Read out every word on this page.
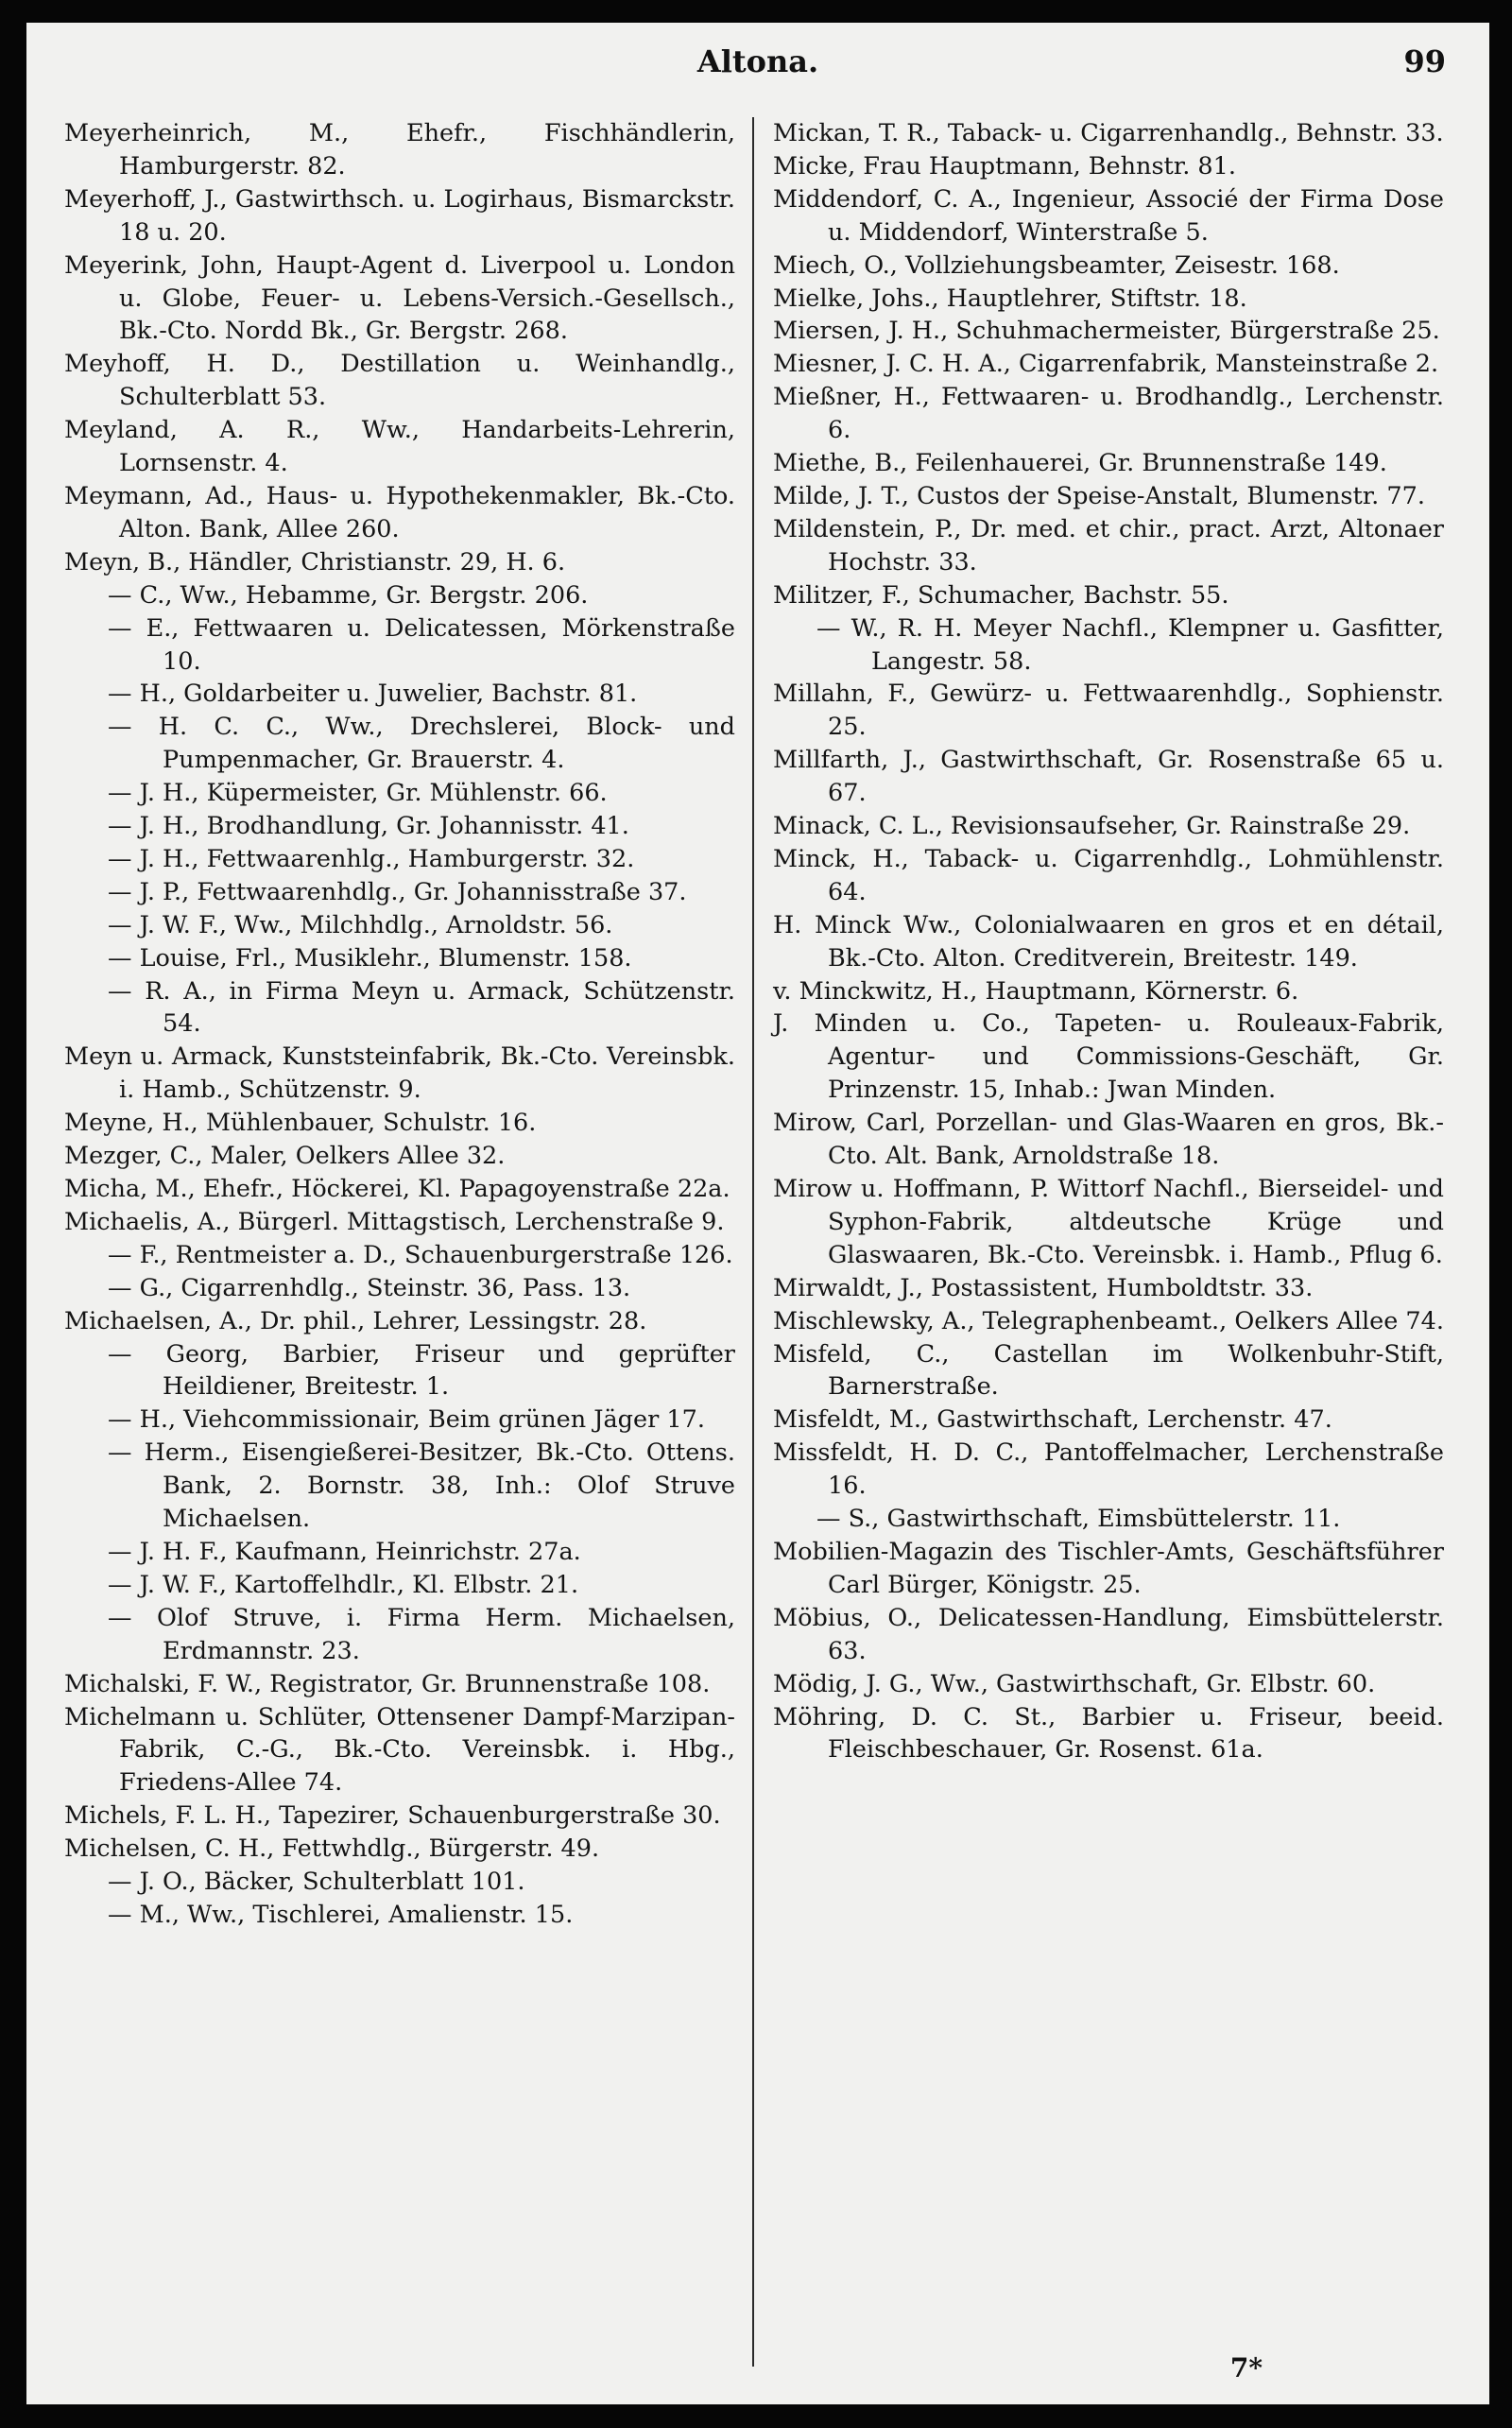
Altona.	99

Meyerheinrich, M., Ehefr., Fischhändlerin, Hamburgerstr. 82.

Meyerhoff, J., Gastwirthsch. u. Logirhaus, Bismarckstr. 18 u. 20.

Meyerink, John, Haupt-Agent d. Liverpool u. London u. Globe, Feuer- u. Lebens-Versich.-Gesellsch., Bk.-Cto. Nordd Bk., Gr. Bergstr. 268.

Meyhoff, H. D., Destillation u. Weinhandlg., Schulterblatt 53.

Meyland, A. R., Ww., Handarbeits-Lehrerin, Lornsenstr. 4.

Meymann, Ad., Haus- u. Hypothekenmakler, Bk.-Cto. Alton. Bank, Allee 260.

Meyn, B., Händler, Christianstr. 29, H. 6.

— C., Ww., Hebamme, Gr. Bergstr. 206.

— E., Fettwaaren u. Delicatessen, Mörkenstraße 10.

— H., Goldarbeiter u. Juwelier, Bachstr. 81.

— H. C. C., Ww., Drechslerei, Block- und Pumpenmacher, Gr. Brauerstr. 4.

— J. H., Küpermeister, Gr. Mühlenstr. 66.

— J. H., Brodhandlung, Gr. Johannisstr. 41.

— J. H., Fettwaarenhlg., Hamburgerstr. 32.

— J. P., Fettwaarenhdlg., Gr. Johannisstraße 37.

— J. W. F., Ww., Milchhdlg., Arnoldstr. 56.

— Louise, Frl., Musiklehr., Blumenstr. 158.

— R. A., in Firma Meyn u. Armack, Schützenstr. 54.

Meyn u. Armack, Kunststeinfabrik, Bk.-Cto. Vereinsbk. i. Hamb., Schützenstr. 9.

Meyne, H., Mühlenbauer, Schulstr. 16.

Mezger, C., Maler, Oelkers Allee 32.

Micha, M., Ehefr., Höckerei, Kl. Papagoyenstraße 22a.

Michaelis, A., Bürgerl. Mittagstisch, Lerchenstraße 9.

— F., Rentmeister a. D., Schauenburgerstraße 126.

— G., Cigarrenhdlg., Steinstr. 36, Pass. 13.

Michaelsen, A., Dr. phil., Lehrer, Lessingstr. 28.

— Georg, Barbier, Friseur und geprüfter Heildiener, Breitestr. 1.

— H., Viehcommissionair, Beim grünen Jäger 17.

— Herm., Eisengießerei-Besitzer, Bk.-Cto. Ottens. Bank, 2. Bornstr. 38, Inh.: Olof Struve Michaelsen.

— J. H. F., Kaufmann, Heinrichstr. 27a.

— J. W. F., Kartoffelhdlr., Kl. Elbstr. 21.

— Olof Struve, i. Firma Herm. Michaelsen, Erdmannstr. 23.

Michalski, F. W., Registrator, Gr. Brunnenstraße 108.

Michelmann u. Schlüter, Ottensener Dampf-Marzipan-Fabrik, C.-G., Bk.-Cto. Vereinsbk. i. Hbg., Friedens-Allee 74.

Michels, F. L. H., Tapezirer, Schauenburgerstraße 30.

Michelsen, C. H., Fettwhdlg., Bürgerstr. 49.

— J. O., Bäcker, Schulterblatt 101.

— M., Ww., Tischlerei, Amalienstr. 15.

Mickan, T. R., Taback- u. Cigarrenhandlg., Behnstr. 33.

Micke, Frau Hauptmann, Behnstr. 81.

Middendorf, C. A., Ingenieur, Associé der Firma Dose u. Middendorf, Winterstraße 5.

Miech, O., Vollziehungsbeamter, Zeisestr. 168.

Mielke, Johs., Hauptlehrer, Stiftstr. 18.

Miersen, J. H., Schuhmachermeister, Bürgerstraße 25.

Miesner, J. C. H. A., Cigarrenfabrik, Mansteinstraße 2.

Mießner, H., Fettwaaren- u. Brodhandlg., Lerchenstr. 6.

Miethe, B., Feilenhauerei, Gr. Brunnenstraße 149.

Milde, J. T., Custos der Speise-Anstalt, Blumenstr. 77.

Mildenstein, P., Dr. med. et chir., pract. Arzt, Altonaer Hochstr. 33.

Militzer, F., Schumacher, Bachstr. 55.

— W., R. H. Meyer Nachfl., Klempner u. Gasfitter, Langestr. 58.

Millahn, F., Gewürz- u. Fettwaarenhdlg., Sophienstr. 25.

Millfarth, J., Gastwirthschaft, Gr. Rosenstraße 65 u. 67.

Minack, C. L., Revisionsaufseher, Gr. Rainstraße 29.

Minck, H., Taback- u. Cigarrenhdlg., Lohmühlenstr. 64.

H. Minck Ww., Colonialwaaren en gros et en détail, Bk.-Cto. Alton. Creditverein, Breitestr. 149.

v. Minckwitz, H., Hauptmann, Körnerstr. 6.

J. Minden u. Co., Tapeten- u. Rouleaux-Fabrik, Agentur- und Commissions-Geschäft, Gr. Prinzenstr. 15, Inhab.: Jwan Minden.

Mirow, Carl, Porzellan- und Glas-Waaren en gros, Bk.-Cto. Alt. Bank, Arnoldstraße 18.

Mirow u. Hoffmann, P. Wittorf Nachfl., Bierseidel- und Syphon-Fabrik, altdeutsche Krüge und Glaswaaren, Bk.-Cto. Vereinsbk. i. Hamb., Pflug 6.

Mirwaldt, J., Postassistent, Humboldtstr. 33.

Mischlewsky, A., Telegraphenbeamt., Oelkers Allee 74.

Misfeld, C., Castellan im Wolkenbuhr-Stift, Barnerstraße.

Misfeldt, M., Gastwirthschaft, Lerchenstr. 47.

Missfeldt, H. D. C., Pantoffelmacher, Lerchenstraße 16.

— S., Gastwirthschaft, Eimsbüttelerstr. 11.

Mobilien-Magazin des Tischler-Amts, Geschäftsführer Carl Bürger, Königstr. 25.

Möbius, O., Delicatessen-Handlung, Eimsbüttelerstr. 63.

Mödig, J. G., Ww., Gastwirthschaft, Gr. Elbstr. 60.

Möhring, D. C. St., Barbier u. Friseur, beeid. Fleischbeschauer, Gr. Rosenst. 61a.

7*
